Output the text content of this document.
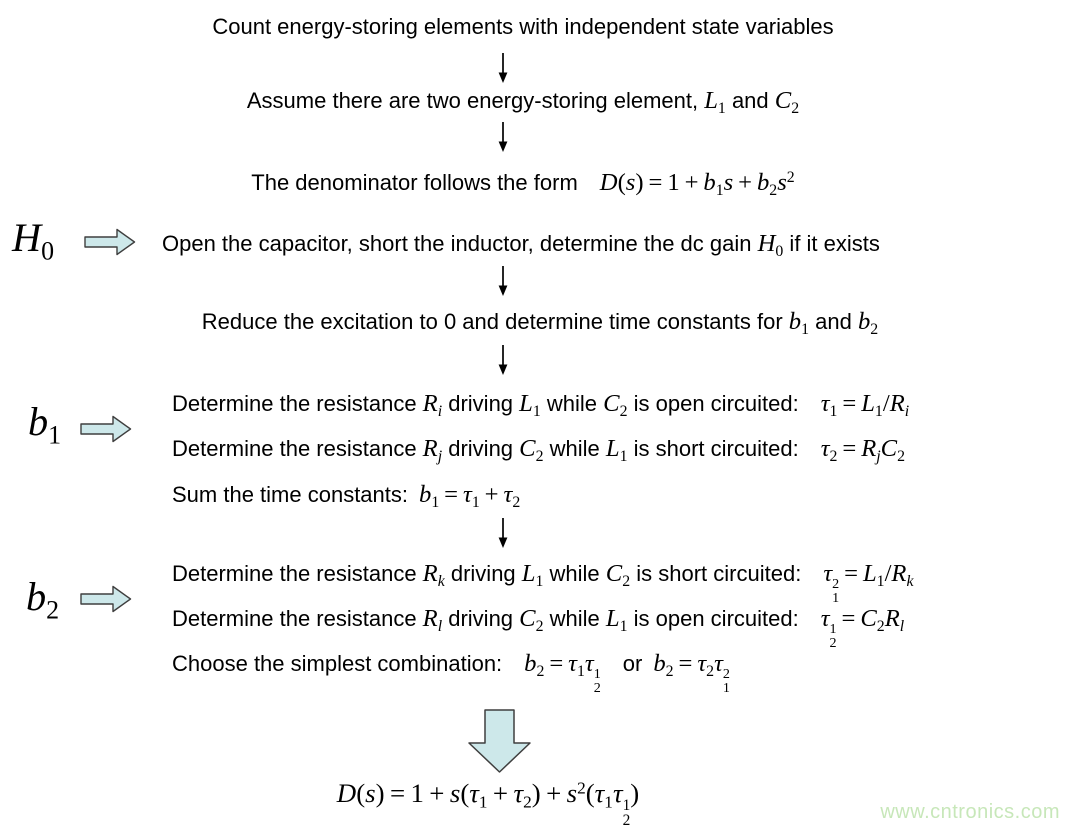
Count energy-storing elements with independent state variables
Assume there are two energy-storing element, $L_1$ and $C_2$
The denominator follows the form  $D(s) = 1 + b_1s + b_2s^2$
$H_0$	Open the capacitor, short the inductor, determine the dc gain $H_0$ if it exists
Reduce the excitation to 0 and determine time constants for $b_1$ and $b_2$
$b_1$
Determine the resistance $R_i$ driving $L_1$ while $C_2$ is open circuited: $\tau_1 = L_1/R_i$
Determine the resistance $R_j$ driving $C_2$ while $L_1$ is short circuited: $\tau_2 = R_jC_2$
Sum the time constants: $b_1 = \tau_1 + \tau_2$
$b_2$
Determine the resistance $R_k$ driving $L_1$ while $C_2$ is short circuited: τ 2
1
 = $L_1/R_k$
Determine the resistance $R_l$ driving $C_2$ while $L_1$ is open circuited: τ 1
2
 = $C_2R_l$
Choose the simplest combination: $b_2 = \tau_1\tau$ 1
2
 or $b_2 = \tau_2\tau$ 2
1
$D(s) = 1 + s(\tau_1 + \tau_2) + s^2(\tau_1\tau$ 1
2
)
www.cntronics.com
